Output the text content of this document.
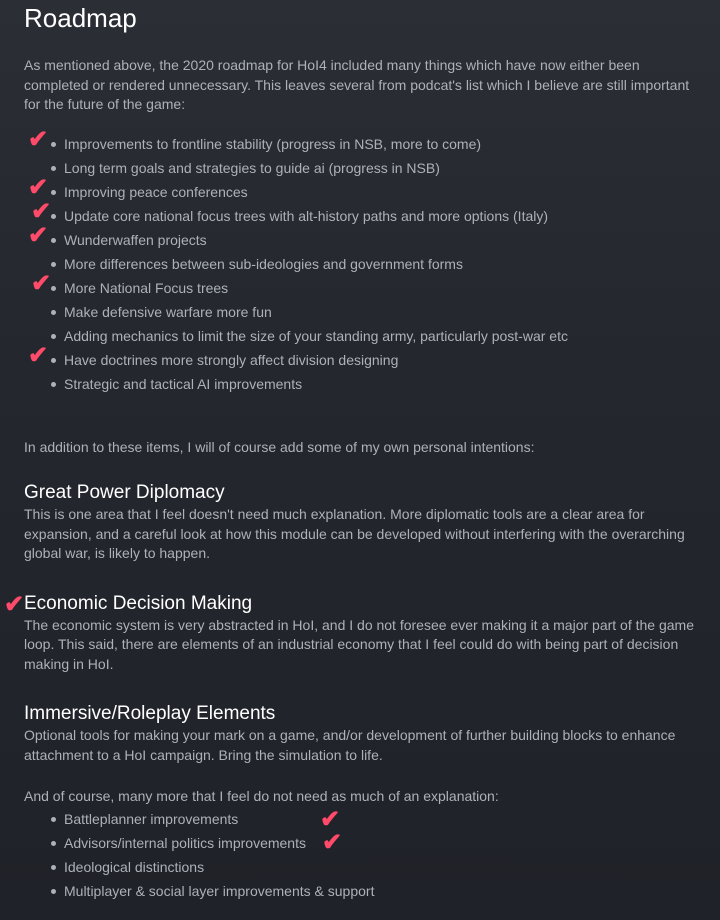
Roadmap

As mentioned above, the 2020 roadmap for HoI4 included many things which have now either been completed or rendered unnecessary. This leaves several from podcat's list which I believe are still important for the future of the game:

Improvements to frontline stability (progress in NSB, more to come)
Long term goals and strategies to guide ai (progress in NSB)
Improving peace conferences
Update core national focus trees with alt-history paths and more options (Italy)
Wunderwaffen projects
More differences between sub-ideologies and government forms
More National Focus trees
Make defensive warfare more fun
Adding mechanics to limit the size of your standing army, particularly post-war etc
Have doctrines more strongly affect division designing
Strategic and tactical AI improvements

In addition to these items, I will of course add some of my own personal intentions:

Great Power Diplomacy

This is one area that I feel doesn't need much explanation. More diplomatic tools are a clear area for expansion, and a careful look at how this module can be developed without interfering with the overarching global war, is likely to happen.

Economic Decision Making

The economic system is very abstracted in HoI, and I do not foresee ever making it a major part of the game loop. This said, there are elements of an industrial economy that I feel could do with being part of decision making in HoI.

Immersive/Roleplay Elements

Optional tools for making your mark on a game, and/or development of further building blocks to enhance attachment to a HoI campaign. Bring the simulation to life.

And of course, many more that I feel do not need as much of an explanation:

Battleplanner improvements
Advisors/internal politics improvements
Ideological distinctions
Multiplayer & social layer improvements & support
✔
✔
✔
✔
✔
✔
✔
✔
✔
